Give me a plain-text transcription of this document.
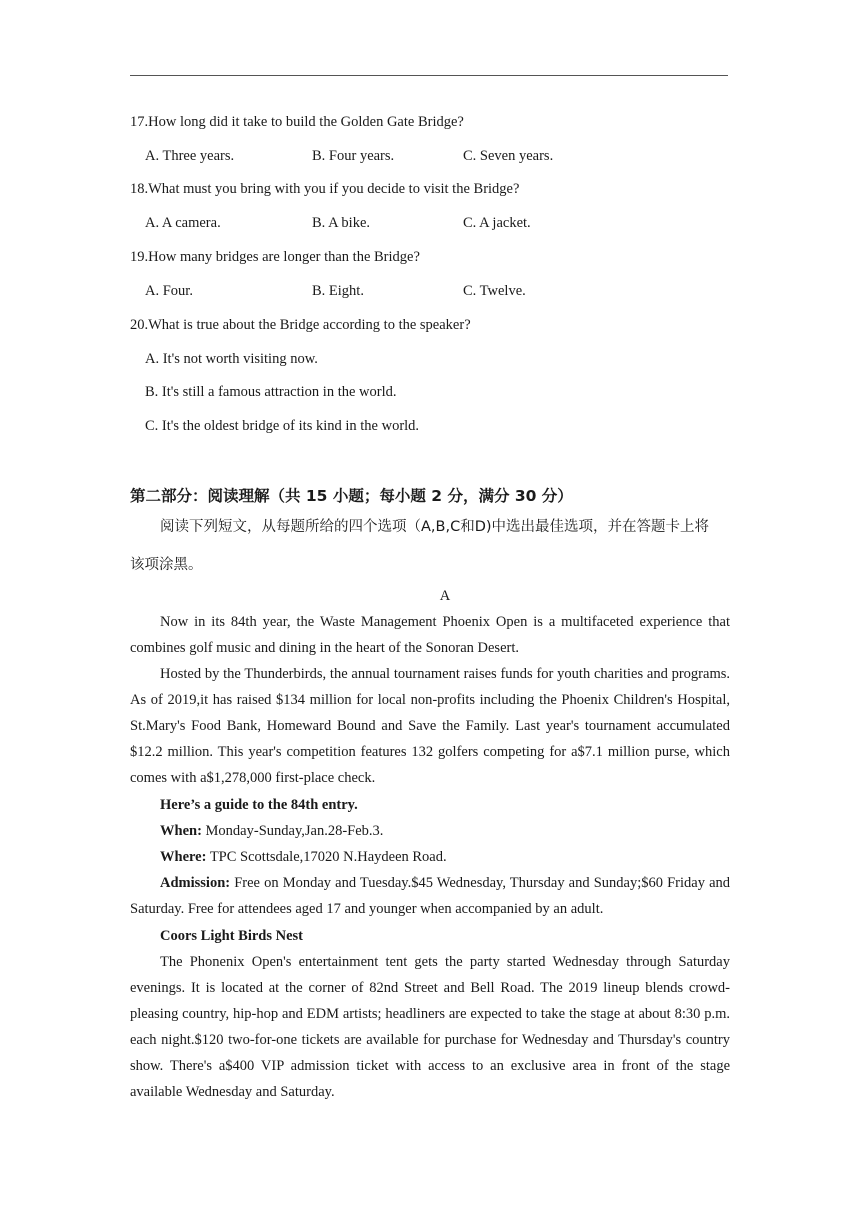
17.How long did it take to build the Golden Gate Bridge?
A. Three years.	B. Four years.	C. Seven years.
18.What must you bring with you if you decide to visit the Bridge?
A. A camera.	B. A bike.	C. A jacket.
19.How many bridges are longer than the Bridge?
A. Four.	B. Eight.	C. Twelve.
20.What is true about the Bridge according to the speaker?
A. It's not worth visiting now.
B. It's still a famous attraction in the world.
C. It's the oldest bridge of its kind in the world.
第二部分：阅读理解（共 15 小题；每小题 2 分，满分 30 分）
阅读下列短文，从每题所给的四个选项（A,B,C和D)中选出最佳选项，并在答题卡上将
该项涂黑。
A

Now in its 84th year, the Waste Management Phoenix Open is a multifaceted experience that combines golf music and dining in the heart of the Sonoran Desert.

Hosted by the Thunderbirds, the annual tournament raises funds for youth charities and programs. As of 2019,it has raised $134 million for local non-profits including the Phoenix Children's Hospital, St.Mary's Food Bank, Homeward Bound and Save the Family. Last year's tournament accumulated $12.2 million. This year's competition features 132 golfers competing for a$7.1 million purse, which comes with a$1,278,000 first-place check.

Here’s a guide to the 84th entry.

When: Monday-Sunday,Jan.28-Feb.3.

Where: TPC Scottsdale,17020 N.Haydeen Road.

Admission: Free on Monday and Tuesday.$45 Wednesday, Thursday and Sunday;$60 Friday and Saturday. Free for attendees aged 17 and younger when accompanied by an adult.

Coors Light Birds Nest

The Phonenix Open's entertainment tent gets the party started Wednesday through Saturday evenings. It is located at the corner of 82nd Street and Bell Road. The 2019 lineup blends crowd-pleasing country, hip-hop and EDM artists; headliners are expected to take the stage at about 8:30 p.m. each night.$120 two-for-one tickets are available for purchase for Wednesday and Thursday's country show. There's a$400 VIP admission ticket with access to an exclusive area in front of the stage available Wednesday and Saturday.
